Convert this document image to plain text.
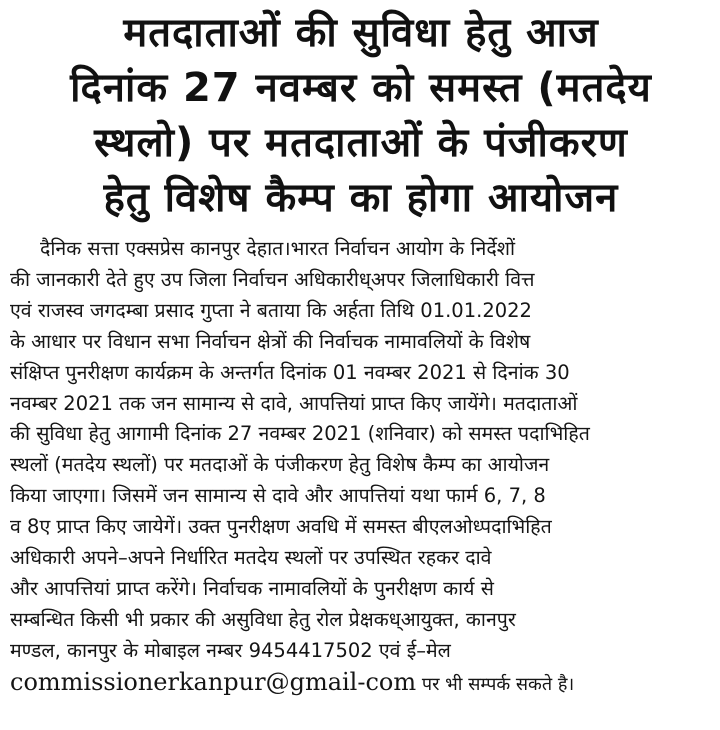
मतदाताओं की सुविधा हेतु आज
दिनांक 27 नवम्बर को समस्त (मतदेय
स्थलो) पर मतदाताओं के पंजीकरण
हेतु विशेष कैम्प का होगा आयोजन
दैनिक सत्ता एक्सप्रेस कानपुर देहात।भारत निर्वाचन आयोग के निर्देशों
की जानकारी देते हुए उप जिला निर्वाचन अधिकारीध्अपर जिलाधिकारी वित्त
एवं राजस्व जगदम्बा प्रसाद गुप्ता ने बताया कि अर्हता तिथि 01.01.2022
के आधार पर विधान सभा निर्वाचन क्षेत्रों की निर्वाचक नामावलियों के विशेष
संक्षिप्त पुनरीक्षण कार्यक्रम के अन्तर्गत दिनांक 01 नवम्बर 2021 से दिनांक 30
नवम्बर 2021 तक जन सामान्य से दावे, आपत्तियां प्राप्त किए जायेंगे। मतदाताओं
की सुविधा हेतु आगामी दिनांक 27 नवम्बर 2021 (शनिवार) को समस्त पदाभिहित
स्थलों (मतदेय स्थलों) पर मतदाओं के पंजीकरण हेतु विशेष कैम्प का आयोजन
किया जाएगा। जिसमें जन सामान्य से दावे और आपत्तियां यथा फार्म 6, 7, 8
व 8ए प्राप्त किए जायेगें। उक्त पुनरीक्षण अवधि में समस्त बीएलओध्पदाभिहित
अधिकारी अपने–अपने निर्धारित मतदेय स्थलों पर उपस्थित रहकर दावे
और आपत्तियां प्राप्त करेंगे। निर्वाचक नामावलियों के पुनरीक्षण कार्य से
सम्बन्धित किसी भी प्रकार की असुविधा हेतु रोल प्रेक्षकध्आयुक्त, कानपुर
मण्डल, कानपुर के मोबाइल नम्बर 9454417502 एवं ई–मेल
commissionerkanpur@gmail-com पर भी सम्पर्क सकते है।
